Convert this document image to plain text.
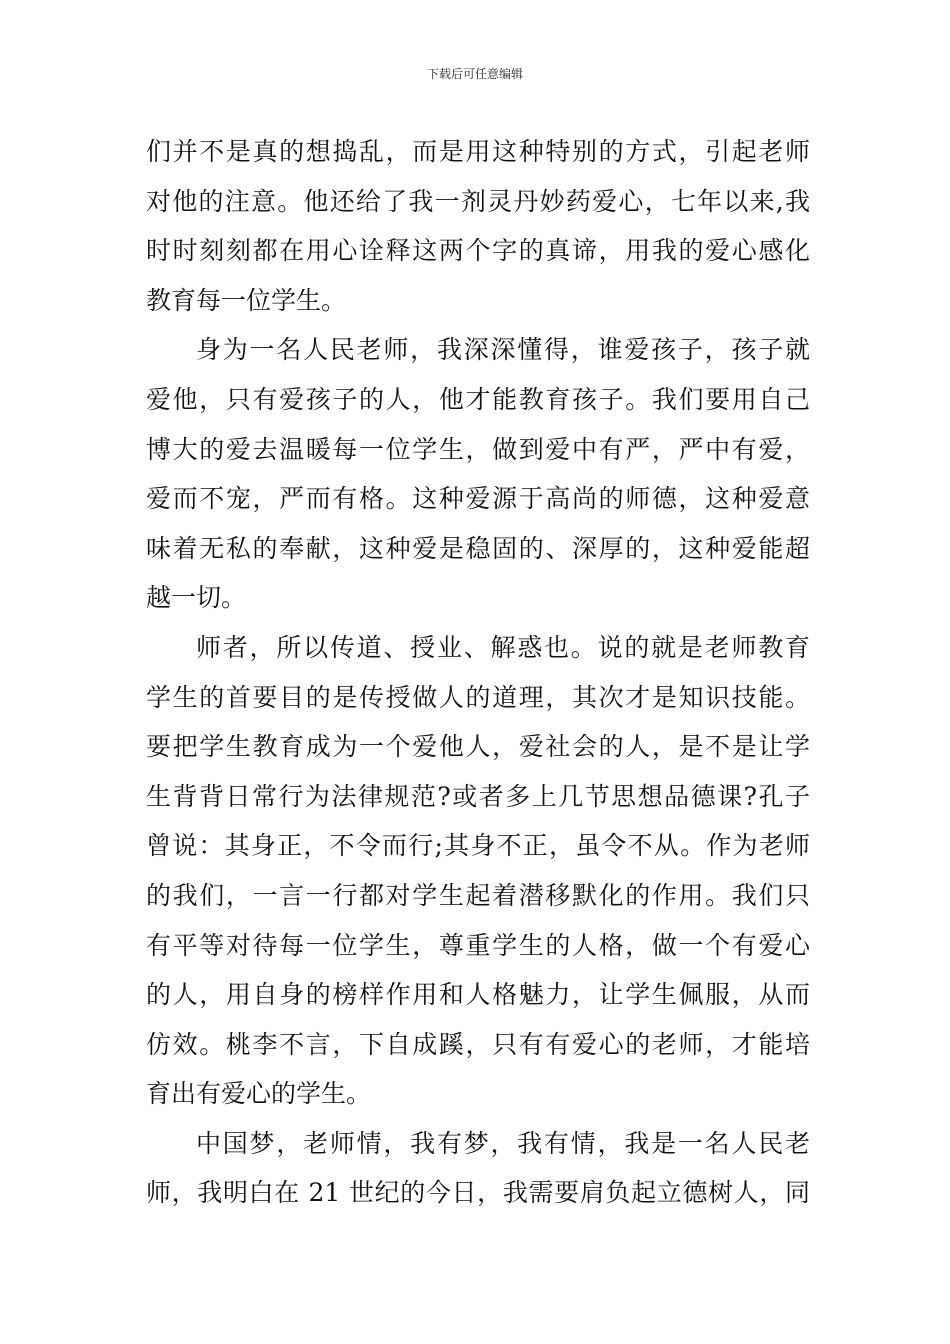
下载后可任意编辑
们并不是真的想捣乱，而是用这种特别的方式，引起老师
对他的注意。他还给了我一剂灵丹妙药爱心，七年以来,我
时时刻刻都在用心诠释这两个字的真谛，用我的爱心感化
教育每一位学生。
身为一名人民老师，我深深懂得，谁爱孩子，孩子就
爱他，只有爱孩子的人，他才能教育孩子。我们要用自己
博大的爱去温暖每一位学生，做到爱中有严，严中有爱，
爱而不宠，严而有格。这种爱源于高尚的师德，这种爱意
味着无私的奉献，这种爱是稳固的、深厚的，这种爱能超
越一切。
师者，所以传道、授业、解惑也。说的就是老师教育
学生的首要目的是传授做人的道理，其次才是知识技能。
要把学生教育成为一个爱他人，爱社会的人，是不是让学
生背背日常行为法律规范?或者多上几节思想品德课?孔子
曾说：其身正，不令而行;其身不正，虽令不从。作为老师
的我们，一言一行都对学生起着潜移默化的作用。我们只
有平等对待每一位学生，尊重学生的人格，做一个有爱心
的人，用自身的榜样作用和人格魅力，让学生佩服，从而
仿效。桃李不言，下自成蹊，只有有爱心的老师，才能培
育出有爱心的学生。
中国梦，老师情，我有梦，我有情，我是一名人民老
师，我明白在 21 世纪的今日，我需要肩负起立德树人，同
